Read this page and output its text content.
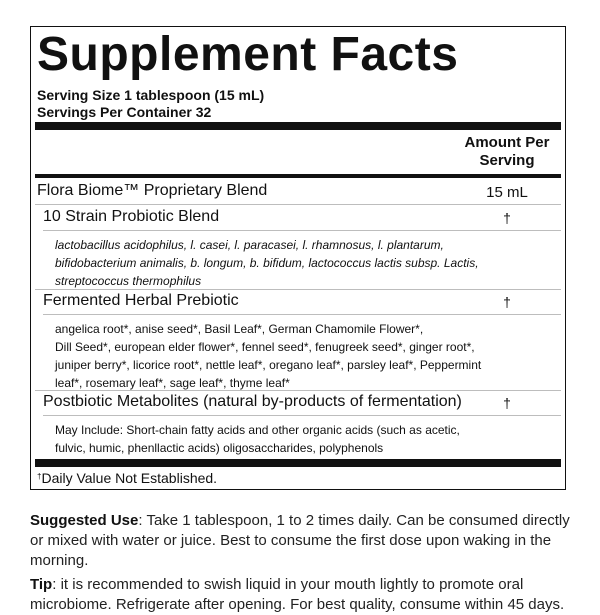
Supplement Facts
Serving Size 1 tablespoon (15 mL)
Servings Per Container 32
Amount Per
Serving
Flora Biome™ Proprietary Blend	15 mL
10 Strain Probiotic Blend	†
lactobacillus acidophilus, l. casei, l. paracasei, l. rhamnosus, l. plantarum,
bifidobacterium animalis, b. longum, b. bifidum, lactococcus lactis subsp. Lactis,
streptococcus thermophilus
Fermented Herbal Prebiotic	†
angelica root*, anise seed*, Basil Leaf*, German Chamomile Flower*,
Dill Seed*, european elder flower*, fennel seed*, fenugreek seed*, ginger root*,
juniper berry*, licorice root*, nettle leaf*, oregano leaf*, parsley leaf*, Peppermint
leaf*, rosemary leaf*, sage leaf*, thyme leaf*
Postbiotic Metabolites (natural by-products of fermentation)	†
May Include: Short-chain fatty acids and other organic acids (such as acetic,
fulvic, humic, phenllactic acids) oligosaccharides, polyphenols
†Daily Value Not Established.
Suggested Use: Take 1 tablespoon, 1 to 2 times daily. Can be consumed directly or mixed with water or juice. Best to consume the first dose upon waking in the morning.
Tip: it is recommended to swish liquid in your mouth lightly to promote oral microbiome. Refrigerate after opening. For best quality, consume within 45 days.
